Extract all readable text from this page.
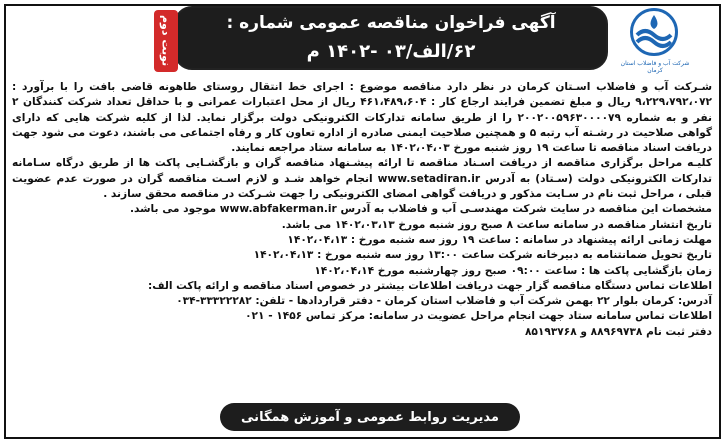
شرکت آب و فاضلاب استان کرمان
آگهی فراخوان مناقصه عمومی شماره :
۶۲/الف/۰۳ -۱۴۰۲ م
نوبت دوم

شـرکت آب و فاضلاب اسـتان کرمان در نظر دارد مناقصه موضوع : اجرای خط انتقال روستای طاهونه قاضی بافت را با برآورد : ۹،۲۲۹،۷۹۲،۰۷۲ ریال و مبلغ تضمین فرایند ارجاع کار : ۴۶۱،۴۸۹،۶۰۴ ریال از محل اعتبارات عمرانی و با حداقل تعداد شرکت کنندگان ۲ نفر و به شماره ۲۰۰۲۰۰۵۹۶۳۰۰۰۰۷۹ را از طریق سامانه تدارکات الکترونیکی دولت برگزار نماید. لذا از کلیه شرکت هایی که دارای گواهی صلاحیت در رشـته آب رتبه ۵ و همچنین صلاحیت ایمنی صادره از اداره تعاون کار و رفاه اجتماعی می باشند، دعوت می شود جهت دریافت اسناد مناقصه تا ساعت ۱۹ روز شنبه مورخ ۱۴۰۲،۰۴،۰۳ به سامانه ستاد مراجعه نمایند.

کلیـه مراحل برگزاری مناقصه از دریافت اسـناد مناقصه تا ارائه پیشـنهاد مناقصه گران و بازگشـایی پاکت ها از طریق درگاه سـامانه تدارکات الکترونیکی دولت (سـتاد) به آدرس www.setadiran.ir انجام خواهد شـد و لازم اسـت مناقصه گران در صورت عدم عضویت قبلی ، مراحل ثبت نام در سـایت مذکور و دریافت گواهی امضای الکترونیکی را جهت شـرکت در مناقصه محقق سازند .

مشخصات این مناقصه در سایت شرکت مهندسـی آب و فاضلاب به آدرس www.abfakerman.ir موجود می باشد.

تاریخ انتشار مناقصه در سامانه ساعت ۸ صبح روز شنبه مورخ ۱۴۰۲،۰۳،۱۳ می باشد.

مهلت زمانی ارائه پیشنهاد در سامانه : ساعت ۱۹ روز سه شنبه مورخ : ۱۴۰۲،۰۴،۱۳

تاریخ تحویل ضمانتنامه به دبیرخانه شرکت ساعت ۱۳:۰۰ روز سه شنبه مورخ : ۱۴۰۲،۰۴،۱۳

زمان بازگشایی پاکت ها : ساعت ۰۹:۰۰ صبح روز چهارشنبه مورخ ۱۴۰۲،۰۴،۱۴

اطلاعات تماس دستگاه مناقصه گزار جهت دریافت اطلاعات بیشتر در خصوص اسناد مناقصه و ارائه پاکت الف:

آدرس: کرمان بلوار ۲۲ بهمن شرکت آب و فاضلاب استان کرمان - دفتر قراردادها - تلفن: ۳۳۳۲۲۲۸۲-۰۳۴

اطلاعات تماس سامانه ستاد جهت انجام مراحل عضویت در سامانه: مرکز تماس ۱۴۵۶ - ۰۲۱

دفتر ثبت نام ۸۸۹۶۹۷۳۸ و ۸۵۱۹۳۷۶۸

مدیریت روابط عمومی و آموزش همگانی
